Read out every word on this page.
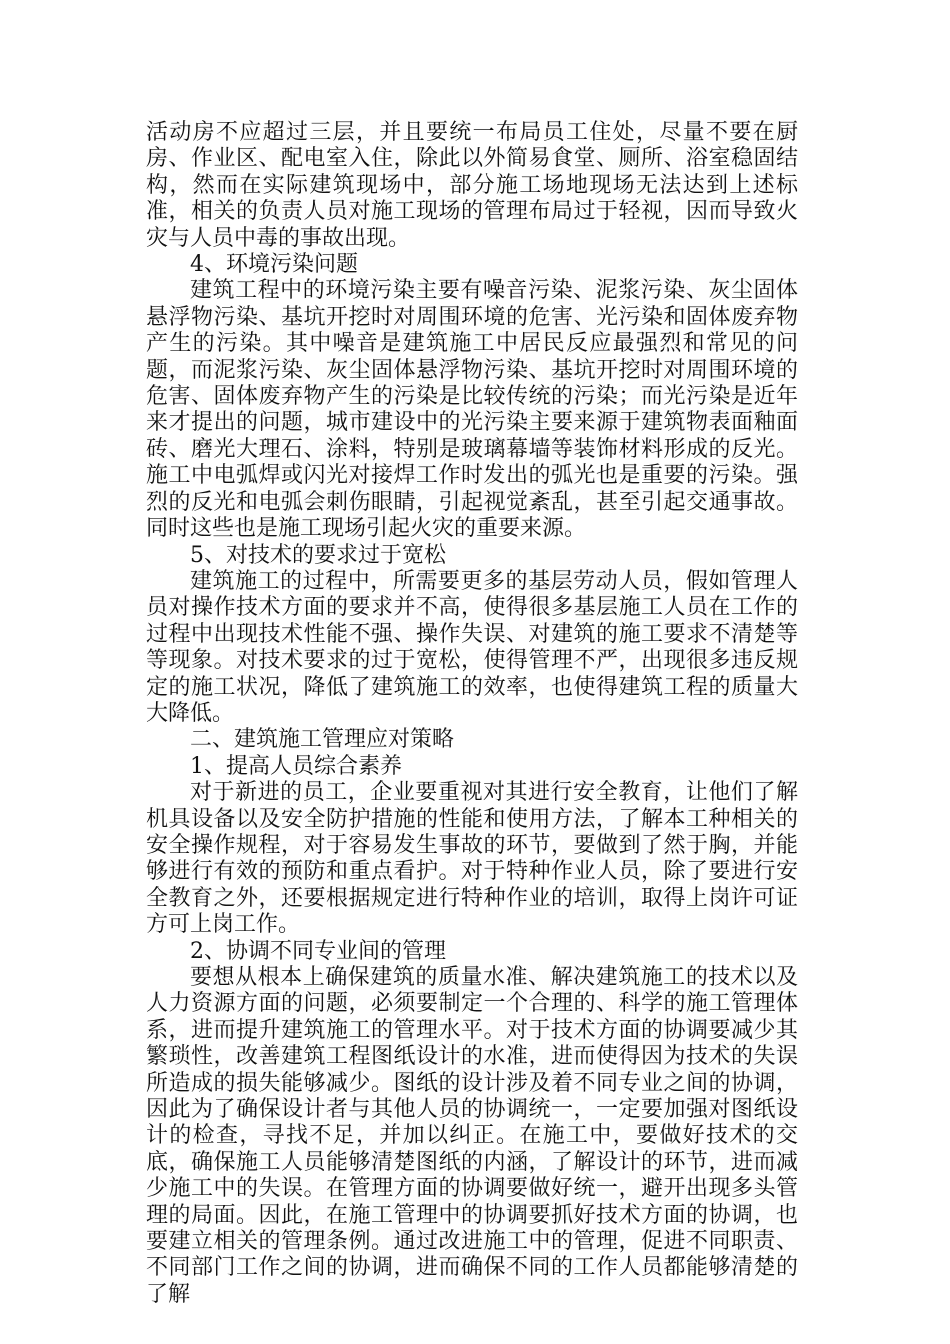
活动房不应超过三层，并且要统一布局员工住处，尽量不要在厨房、作业区、配电室入住，除此以外简易食堂、厕所、浴室稳固结构，然而在实际建筑现场中，部分施工场地现场无法达到上述标准，相关的负责人员对施工现场的管理布局过于轻视，因而导致火灾与人员中毒的事故出现。

4、环境污染问题

建筑工程中的环境污染主要有噪音污染、泥浆污染、灰尘固体悬浮物污染、基坑开挖时对周围环境的危害、光污染和固体废弃物产生的污染。其中噪音是建筑施工中居民反应最强烈和常见的问题，而泥浆污染、灰尘固体悬浮物污染、基坑开挖时对周围环境的危害、固体废弃物产生的污染是比较传统的污染；而光污染是近年来才提出的问题，城市建设中的光污染主要来源于建筑物表面釉面砖、磨光大理石、涂料，特别是玻璃幕墙等装饰材料形成的反光。施工中电弧焊或闪光对接焊工作时发出的弧光也是重要的污染。强烈的反光和电弧会刺伤眼睛，引起视觉紊乱，甚至引起交通事故。同时这些也是施工现场引起火灾的重要来源。

5、对技术的要求过于宽松

建筑施工的过程中，所需要更多的基层劳动人员，假如管理人员对操作技术方面的要求并不高，使得很多基层施工人员在工作的过程中出现技术性能不强、操作失误、对建筑的施工要求不清楚等等现象。对技术要求的过于宽松，使得管理不严，出现很多违反规定的施工状况，降低了建筑施工的效率，也使得建筑工程的质量大大降低。

二、建筑施工管理应对策略

1、提高人员综合素养

对于新进的员工，企业要重视对其进行安全教育，让他们了解机具设备以及安全防护措施的性能和使用方法，了解本工种相关的安全操作规程，对于容易发生事故的环节，要做到了然于胸，并能够进行有效的预防和重点看护。对于特种作业人员，除了要进行安全教育之外，还要根据规定进行特种作业的培训，取得上岗许可证方可上岗工作。

2、协调不同专业间的管理

要想从根本上确保建筑的质量水准、解决建筑施工的技术以及人力资源方面的问题，必须要制定一个合理的、科学的施工管理体系，进而提升建筑施工的管理水平。对于技术方面的协调要减少其繁琐性，改善建筑工程图纸设计的水准，进而使得因为技术的失误所造成的损失能够减少。图纸的设计涉及着不同专业之间的协调，因此为了确保设计者与其他人员的协调统一，一定要加强对图纸设计的检查，寻找不足，并加以纠正。在施工中，要做好技术的交底，确保施工人员能够清楚图纸的内涵，了解设计的环节，进而减少施工中的失误。在管理方面的协调要做好统一，避开出现多头管理的局面。因此，在施工管理中的协调要抓好技术方面的协调，也要建立相关的管理条例。通过改进施工中的管理，促进不同职责、不同部门工作之间的协调，进而确保不同的工作人员都能够清楚的了解
